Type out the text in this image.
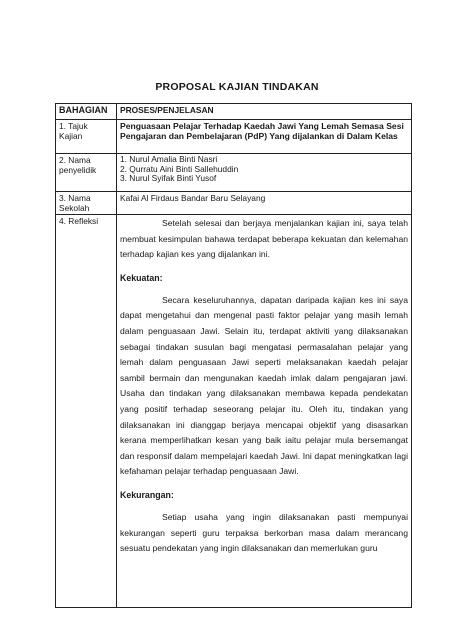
PROPOSAL KAJIAN TINDAKAN
BAHAGIAN	PROSES/PENJELASAN
1. Tajuk Kajian	Penguasaan Pelajar Terhadap Kaedah Jawi Yang Lemah Semasa Sesi Pengajaran dan Pembelajaran (PdP) Yang dijalankan di Dalam Kelas
2. Nama penyelidik	1. Nurul Amalia Binti Nasri
2. Qurratu Aini Binti Sallehuddin
3. Nurul Syifak Binti Yusof

3. Nama Sekolah	Kafai Al Firdaus Bandar Baru Selayang
4. Refleksi	Setelah selesai dan berjaya menjalankan kajian ini, saya telah membuat kesimpulan bahawa terdapat beberapa kekuatan dan kelemahan terhadap kajian kes yang dijalankan ini.

Kekuatan:

Secara keseluruhannya, dapatan daripada kajian kes ini saya dapat mengetahui dan mengenal pasti faktor pelajar yang masih lemah dalam penguasaan Jawi. Selain itu, terdapat aktiviti yang dilaksanakan sebagai tindakan susulan bagi mengatasi permasalahan pelajar yang lemah dalam penguasaan Jawi seperti melaksanakan kaedah pelajar sambil bermain dan mengunakan kaedah imlak dalam pengajaran jawi. Usaha dan tindakan yang dilaksanakan membawa kepada pendekatan yang positif terhadap seseorang pelajar itu. Oleh itu, tindakan yang dilaksanakan ini dianggap berjaya mencapai objektif yang disasarkan kerana memperlihatkan kesan yang baik iaitu pelajar mula bersemangat dan responsif dalam mempelajari kaedah Jawi. Ini dapat meningkatkan lagi kefahaman pelajar terhadap penguasaan Jawi.

Kekurangan:

Setiap usaha yang ingin dilaksanakan pasti mempunyai kekurangan seperti guru terpaksa berkorban masa dalam merancang sesuatu pendekatan yang ingin dilaksanakan dan memerlukan guru
